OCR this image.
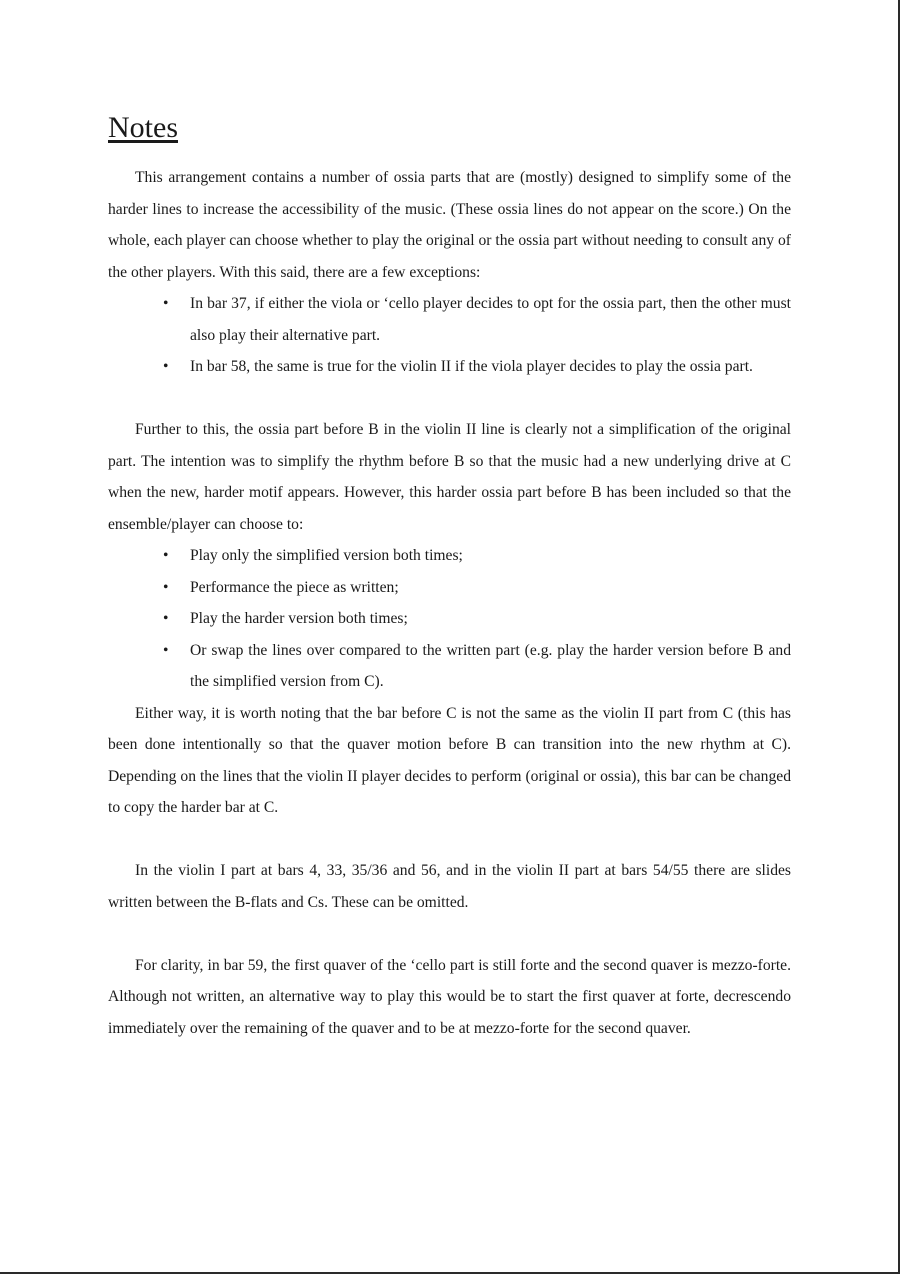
Notes

This arrangement contains a number of ossia parts that are (mostly) designed to simplify some of the harder lines to increase the accessibility of the music. (These ossia lines do not appear on the score.) On the whole, each player can choose whether to play the original or the ossia part without needing to consult any of the other players. With this said, there are a few exceptions:

• In bar 37, if either the viola or ‘cello player decides to opt for the ossia part, then the other must also play their alternative part.
• In bar 58, the same is true for the violin II if the viola player decides to play the ossia part.

Further to this, the ossia part before B in the violin II line is clearly not a simplification of the original part. The intention was to simplify the rhythm before B so that the music had a new underlying drive at C when the new, harder motif appears. However, this harder ossia part before B has been included so that the ensemble/player can choose to:

• Play only the simplified version both times;
• Performance the piece as written;
• Play the harder version both times;
• Or swap the lines over compared to the written part (e.g. play the harder version before B and the simplified version from C).

Either way, it is worth noting that the bar before C is not the same as the violin II part from C (this has been done intentionally so that the quaver motion before B can transition into the new rhythm at C). Depending on the lines that the violin II player decides to perform (original or ossia), this bar can be changed to copy the harder bar at C.

In the violin I part at bars 4, 33, 35/36 and 56, and in the violin II part at bars 54/55 there are slides written between the B-flats and Cs. These can be omitted.

For clarity, in bar 59, the first quaver of the ‘cello part is still forte and the second quaver is mezzo-forte. Although not written, an alternative way to play this would be to start the first quaver at forte, decrescendo immediately over the remaining of the quaver and to be at mezzo-forte for the second quaver.
